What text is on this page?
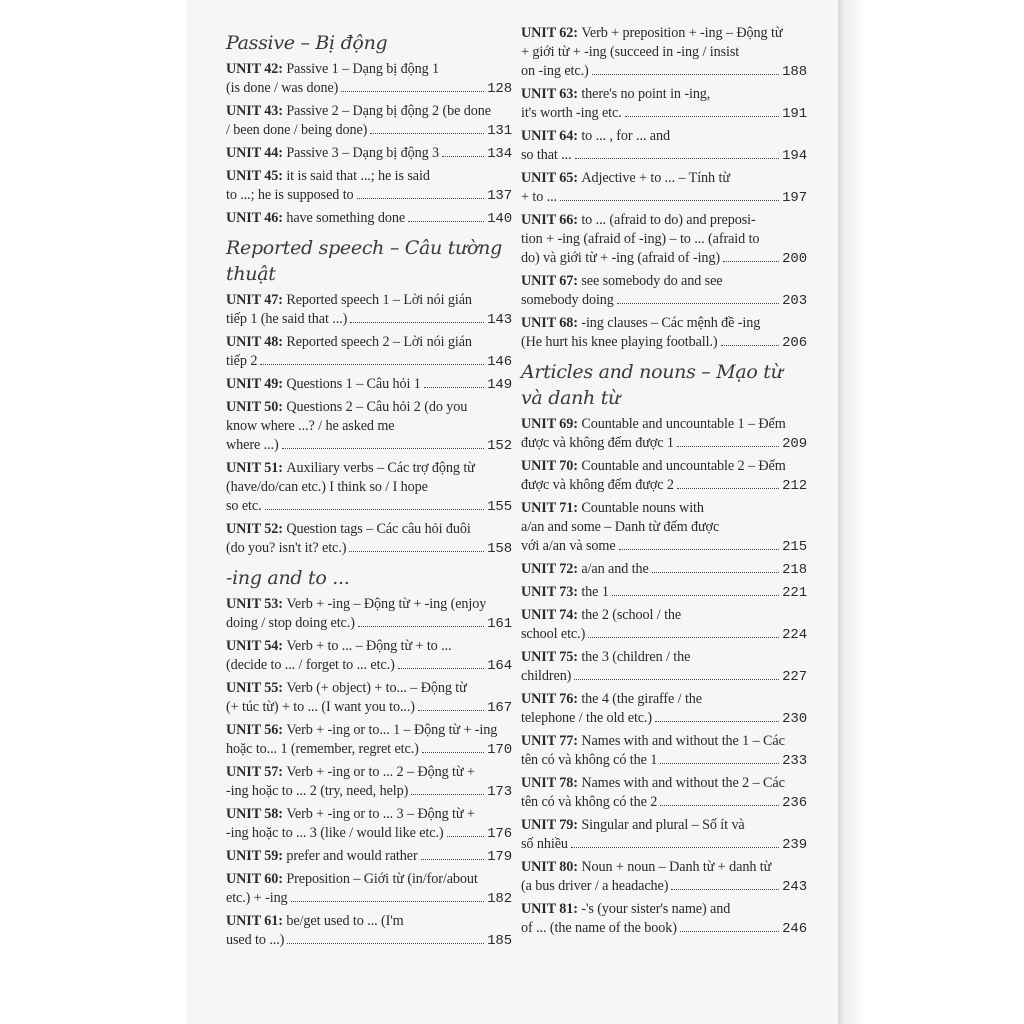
Passive – Bị động
UNIT 42: Passive 1 – Dạng bị động 1
(is done / was done)	128
UNIT 43: Passive 2 – Dạng bị động 2 (be done
/ been done / being done)	131
UNIT 44:
Passive 3 – Dạng bị động 3	134
UNIT 45: it is said that ...; he is said
to ...; he is supposed to	137
UNIT 46:
have something done	140
Reported speech – Câu tường thuật
UNIT 47: Reported speech 1 – Lời nói gián
tiếp 1 (he said that ...)	143
UNIT 48: Reported speech 2 – Lời nói gián
tiếp 2	146
UNIT 49:
Questions 1 – Câu hỏi 1	149
UNIT 50: Questions 2 – Câu hỏi 2 (do you
know where ...? / he asked me
where ...)	152
UNIT 51: Auxiliary verbs – Các trợ động từ
(have/do/can etc.) I think so / I hope
so etc.	155
UNIT 52: Question tags – Các câu hỏi đuôi
(do you? isn't it? etc.)	158
-ing and to ...
UNIT 53: Verb + -ing – Động từ + -ing (enjoy
doing / stop doing etc.)	161
UNIT 54: Verb + to ... – Động từ + to ...
(decide to ... / forget to ... etc.)	164
UNIT 55: Verb (+ object) + to... – Động từ
(+ túc từ) + to ... (I want you to...)	167
UNIT 56: Verb + -ing or to... 1 – Động từ + -ing
hoặc to... 1 (remember, regret etc.)	170
UNIT 57: Verb + -ing or to ... 2 – Động từ +
-ing hoặc to ... 2 (try, need, help)	173
UNIT 58: Verb + -ing or to ... 3 – Động từ +
-ing hoặc to ... 3 (like / would like etc.)	176
UNIT 59:
prefer and would rather	179
UNIT 60: Preposition – Giới từ (in/for/about
etc.) + -ing	182
UNIT 61: be/get used to ... (I'm
used to ...)	185
UNIT 62: Verb + preposition + -ing – Động từ
+ giới từ + -ing (succeed in -ing / insist
on -ing etc.)	188
UNIT 63: there's no point in -ing,
it's worth -ing etc.	191
UNIT 64: to ... , for ... and
so that ...	194
UNIT 65: Adjective + to ... – Tính từ
+ to ...	197
UNIT 66: to ... (afraid to do) and preposi-
tion + -ing (afraid of -ing) – to ... (afraid to
do) và giới từ + -ing (afraid of -ing)	200
UNIT 67: see somebody do and see
somebody doing	203
UNIT 68: -ing clauses – Các mệnh đề -ing
(He hurt his knee playing football.)	206
Articles and nouns – Mạo từ và danh từ
UNIT 69: Countable and uncountable 1 – Đếm
được và không đếm được 1	209
UNIT 70: Countable and uncountable 2 – Đếm
được và không đếm được 2	212
UNIT 71: Countable nouns with
a/an and some – Danh từ đếm được
với a/an và some	215
UNIT 72:
a/an and the	218
UNIT 73:
the 1	221
UNIT 74: the 2 (school / the
school etc.)	224
UNIT 75: the 3 (children / the
children)	227
UNIT 76: the 4 (the giraffe / the
telephone / the old etc.)	230
UNIT 77: Names with and without the 1 – Các
tên có và không có the 1	233
UNIT 78: Names with and without the 2 – Các
tên có và không có the 2	236
UNIT 79: Singular and plural – Số ít và
số nhiều	239
UNIT 80: Noun + noun – Danh từ + danh từ
(a bus driver / a headache)	243
UNIT 81: -'s (your sister's name) and
of ... (the name of the book)	246
